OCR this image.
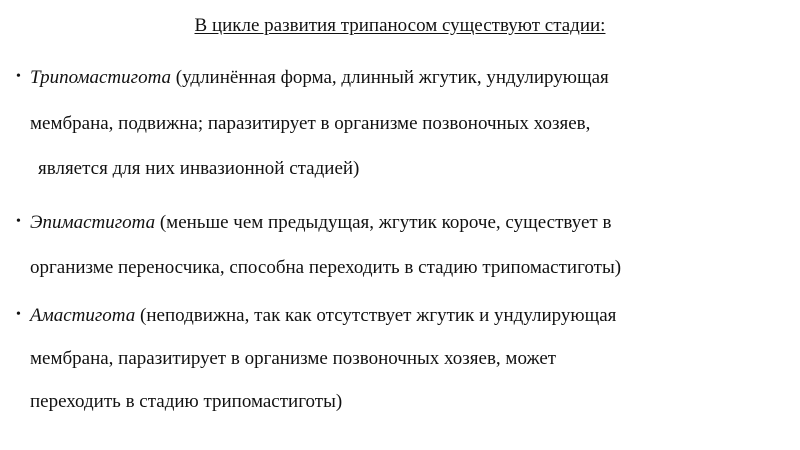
В цикле развития трипаносом существуют стадии:
• Трипомастигота (удлинённая форма, длинный жгутик, ундулирующая
мембрана, подвижна; паразитирует в организме позвоночных хозяев,
является для них инвазионной стадией)
• Эпимастигота (меньше чем предыдущая, жгутик короче, существует в
организме переносчика, способна переходить в стадию трипомастиготы)
• Амастигота (неподвижна, так как отсутствует жгутик и ундулирующая
мембрана, паразитирует в организме позвоночных хозяев, может
переходить в стадию трипомастиготы)
